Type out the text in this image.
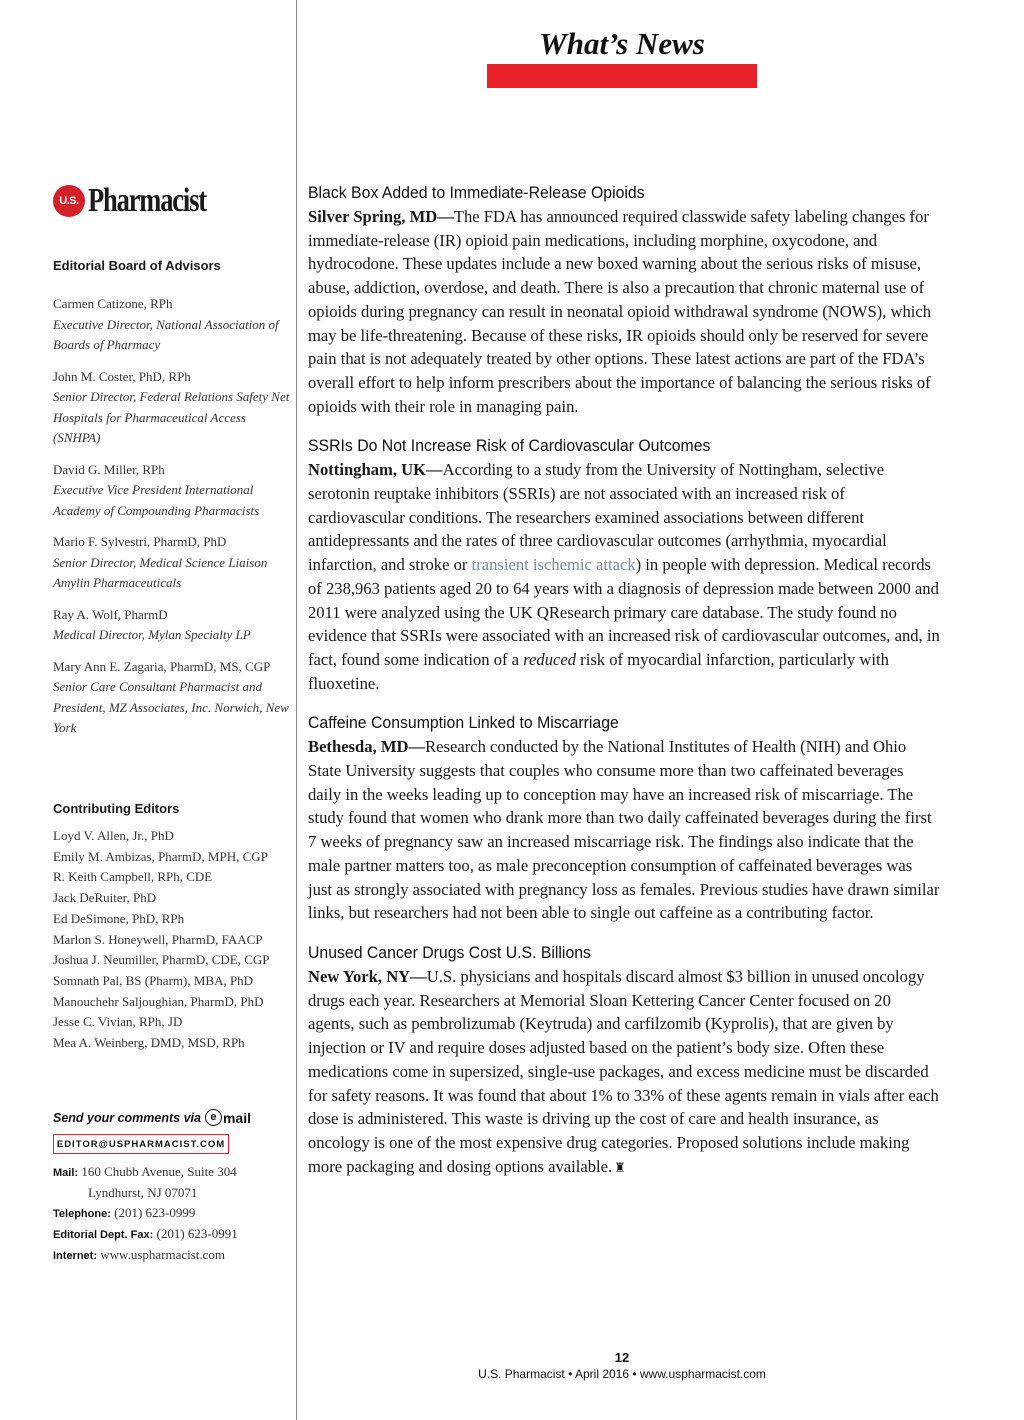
What’s News
U.S. Pharmacist
Editorial Board of Advisors
Carmen Catizone, RPh
Executive Director, National Association of Boards of Pharmacy
John M. Coster, PhD, RPh
Senior Director, Federal Relations Safety Net Hospitals for Pharmaceutical Access (SNHPA)
David G. Miller, RPh
Executive Vice President International Academy of Compounding Pharmacists
Mario F. Sylvestri, PharmD, PhD
Senior Director, Medical Science Liaison Amylin Pharmaceuticals
Ray A. Wolf, PharmD
Medical Director, Mylan Specialty LP
Mary Ann E. Zagaria, PharmD, MS, CGP
Senior Care Consultant Pharmacist and President, MZ Associates, Inc. Norwich, New York
Contributing Editors
Loyd V. Allen, Jr., PhD
Emily M. Ambizas, PharmD, MPH, CGP
R. Keith Campbell, RPh, CDE
Jack DeRuiter, PhD
Ed DeSimone, PhD, RPh
Marlon S. Honeywell, PharmD, FAACP
Joshua J. Neumiller, PharmD, CDE, CGP
Somnath Pal, BS (Pharm), MBA, PhD
Manouchehr Saljoughian, PharmD, PhD
Jesse C. Vivian, RPh, JD
Mea A. Weinberg, DMD, MSD, RPh
Send your comments via e mail
EDITOR@USPHARMACIST.COM
Mail: 160 Chubb Avenue, Suite 304
Lyndhurst, NJ 07071
Telephone: (201) 623-0999
Editorial Dept. Fax: (201) 623-0991
Internet: www.uspharmacist.com
Black Box Added to Immediate-Release Opioids

Silver Spring, MD—The FDA has announced required classwide safety labeling changes for immediate-release (IR) opioid pain medications, including morphine, oxycodone, and hydrocodone. These updates include a new boxed warning about the serious risks of misuse, abuse, addiction, overdose, and death. There is also a precaution that chronic maternal use of opioids during pregnancy can result in neonatal opioid withdrawal syndrome (NOWS), which may be life-threatening. Because of these risks, IR opioids should only be reserved for severe pain that is not adequately treated by other options. These latest actions are part of the FDA’s overall effort to help inform prescribers about the importance of balancing the serious risks of opioids with their role in managing pain.

SSRIs Do Not Increase Risk of Cardiovascular Outcomes

Nottingham, UK—According to a study from the University of Nottingham, selective serotonin reuptake inhibitors (SSRIs) are not associated with an increased risk of cardiovascular conditions. The researchers examined associations between different antidepressants and the rates of three cardiovascular outcomes (arrhythmia, myocardial infarction, and stroke or transient ischemic attack) in people with depression. Medical records of 238,963 patients aged 20 to 64 years with a diagnosis of depression made between 2000 and 2011 were analyzed using the UK QResearch primary care database. The study found no evidence that SSRIs were associated with an increased risk of cardiovascular outcomes, and, in fact, found some indication of a reduced risk of myocardial infarction, particularly with fluoxetine.

Caffeine Consumption Linked to Miscarriage

Bethesda, MD—Research conducted by the National Institutes of Health (NIH) and Ohio State University suggests that couples who consume more than two caffeinated beverages daily in the weeks leading up to conception may have an increased risk of miscarriage. The study found that women who drank more than two daily caffeinated beverages during the first 7 weeks of pregnancy saw an increased miscarriage risk. The findings also indicate that the male partner matters too, as male preconception consumption of caffeinated beverages was just as strongly associated with pregnancy loss as females. Previous studies have drawn similar links, but researchers had not been able to single out caffeine as a contributing factor.

Unused Cancer Drugs Cost U.S. Billions

New York, NY—U.S. physicians and hospitals discard almost $3 billion in unused oncology drugs each year. Researchers at Memorial Sloan Kettering Cancer Center focused on 20 agents, such as pembrolizumab (Keytruda) and carfilzomib (Kyprolis), that are given by injection or IV and require doses adjusted based on the patient’s body size. Often these medications come in supersized, single-use packages, and excess medicine must be discarded for safety reasons. It was found that about 1% to 33% of these agents remain in vials after each dose is administered. This waste is driving up the cost of care and health insurance, as oncology is one of the most expensive drug categories. Proposed solutions include making more packaging and dosing options available. ♜

12
U.S. Pharmacist • April 2016 • www.uspharmacist.com
